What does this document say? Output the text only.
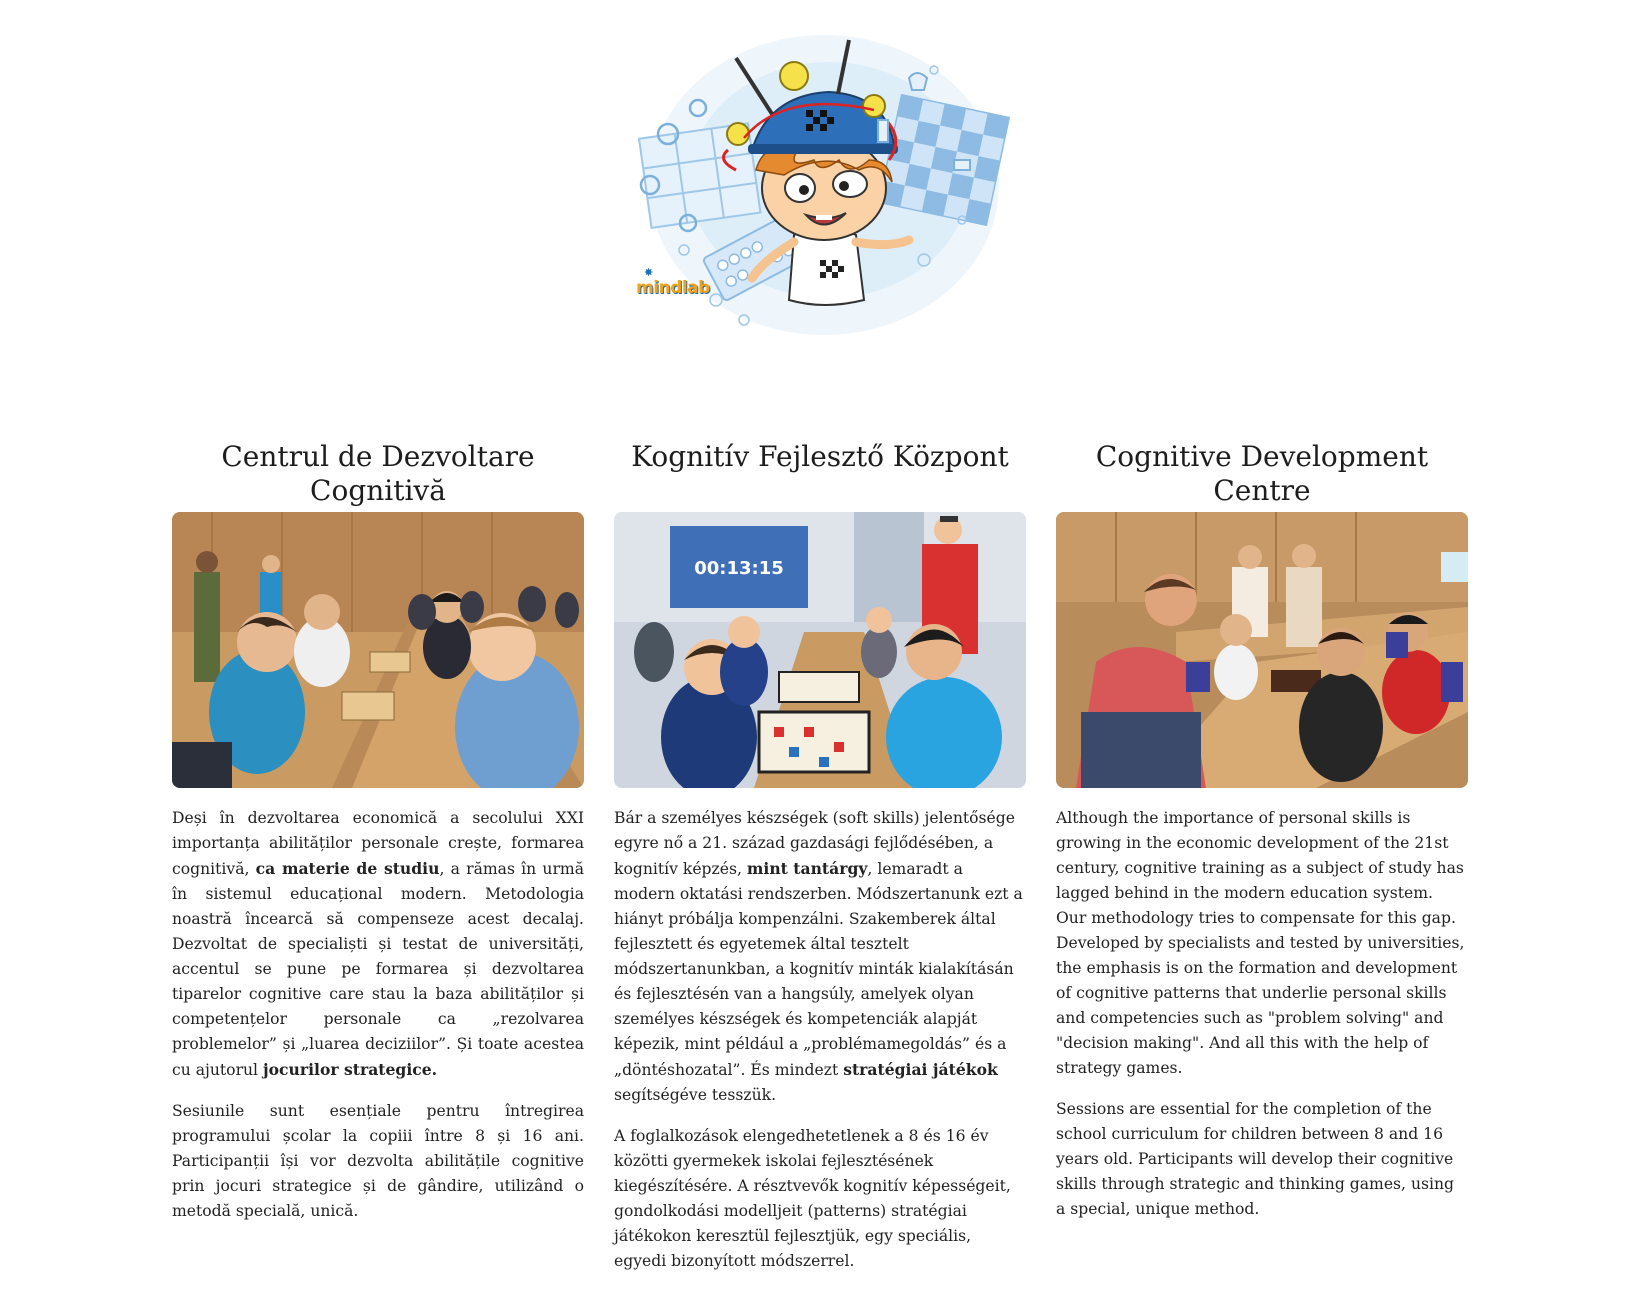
✸
mindlab
Centrul de Dezvoltare Cognitivă

Deși în dezvoltarea economică a secolului XXI importanța abilităților personale crește, formarea cognitivă, ca materie de studiu, a rămas în urmă în sistemul educațional modern. Metodologia noastră încearcă să compenseze acest decalaj. Dezvoltat de specialiști și testat de universități, accentul se pune pe formarea și dezvoltarea tiparelor cognitive care stau la baza abilităților și competențelor personale ca „rezolvarea problemelor” și „luarea deciziilor”. Și toate acestea cu ajutorul jocurilor strategice.

Sesiunile sunt esențiale pentru întregirea programului școlar la copiii între 8 și 16 ani. Participanții își vor dezvolta abilitățile cognitive prin jocuri strategice și de gândire, utilizând o metodă specială, unică.

Kognitív Fejlesztő Központ
00:13:15

Bár a személyes készségek (soft skills) jelentősége egyre nő a 21. század gazdasági fejlődésében, a kognitív képzés, mint tantárgy, lemaradt a modern oktatási rendszerben. Módszertanunk ezt a hiányt próbálja kompenzálni. Szakemberek által fejlesztett és egyetemek által tesztelt módszertanunkban, a kognitív minták kialakításán és fejlesztésén van a hangsúly, amelyek olyan személyes készségek és kompetenciák alapját képezik, mint például a „problémamegoldás” és a „döntéshozatal”. És mindezt stratégiai játékok segítségéve tesszük.

A foglalkozások elengedhetetlenek a 8 és 16 év közötti gyermekek iskolai fejlesztésének kiegészítésére. A résztvevők kognitív képességeit, gondolkodási modelljeit (patterns) stratégiai játékokon keresztül fejlesztjük, egy speciális, egyedi bizonyított módszerrel.

Cognitive Development Centre

Although the importance of personal skills is growing in the economic development of the 21st century, cognitive training as a subject of study has lagged behind in the modern education system. Our methodology tries to compensate for this gap. Developed by specialists and tested by universities, the emphasis is on the formation and development of cognitive patterns that underlie personal skills and competencies such as "problem solving" and "decision making". And all this with the help of strategy games.

Sessions are essential for the completion of the school curriculum for children between 8 and 16 years old. Participants will develop their cognitive skills through strategic and thinking games, using a special, unique method.
